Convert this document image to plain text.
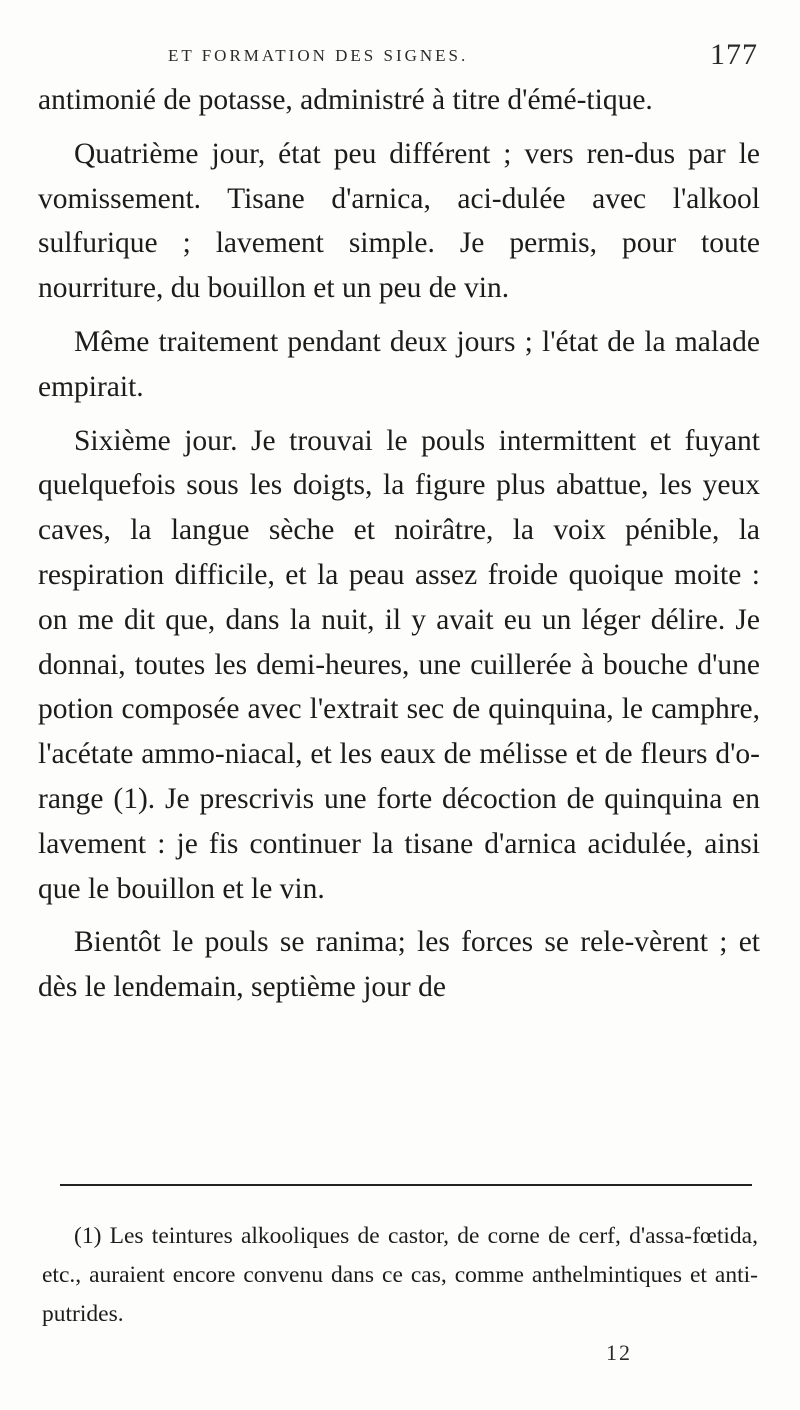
ET FORMATION DES SIGNES.	177

antimonié de potasse, administré à titre d'émé-tique.

Quatrième jour, état peu différent ; vers ren-dus par le vomissement. Tisane d'arnica, aci-dulée avec l'alkool sulfurique ; lavement simple. Je permis, pour toute nourriture, du bouillon et un peu de vin.

Même traitement pendant deux jours ; l'état de la malade empirait.

Sixième jour. Je trouvai le pouls intermittent et fuyant quelquefois sous les doigts, la figure plus abattue, les yeux caves, la langue sèche et noirâtre, la voix pénible, la respiration difficile, et la peau assez froide quoique moite : on me dit que, dans la nuit, il y avait eu un léger délire. Je donnai, toutes les demi-heures, une cuillerée à bouche d'une potion composée avec l'extrait sec de quinquina, le camphre, l'acétate ammo-niacal, et les eaux de mélisse et de fleurs d'o-range (1). Je prescrivis une forte décoction de quinquina en lavement : je fis continuer la tisane d'arnica acidulée, ainsi que le bouillon et le vin.

Bientôt le pouls se ranima; les forces se rele-vèrent ; et dès le lendemain, septième jour de

(1) Les teintures alkooliques de castor, de corne de cerf, d'assa-fœtida, etc., auraient encore convenu dans ce cas, comme anthelmintiques et anti-putrides.
12
